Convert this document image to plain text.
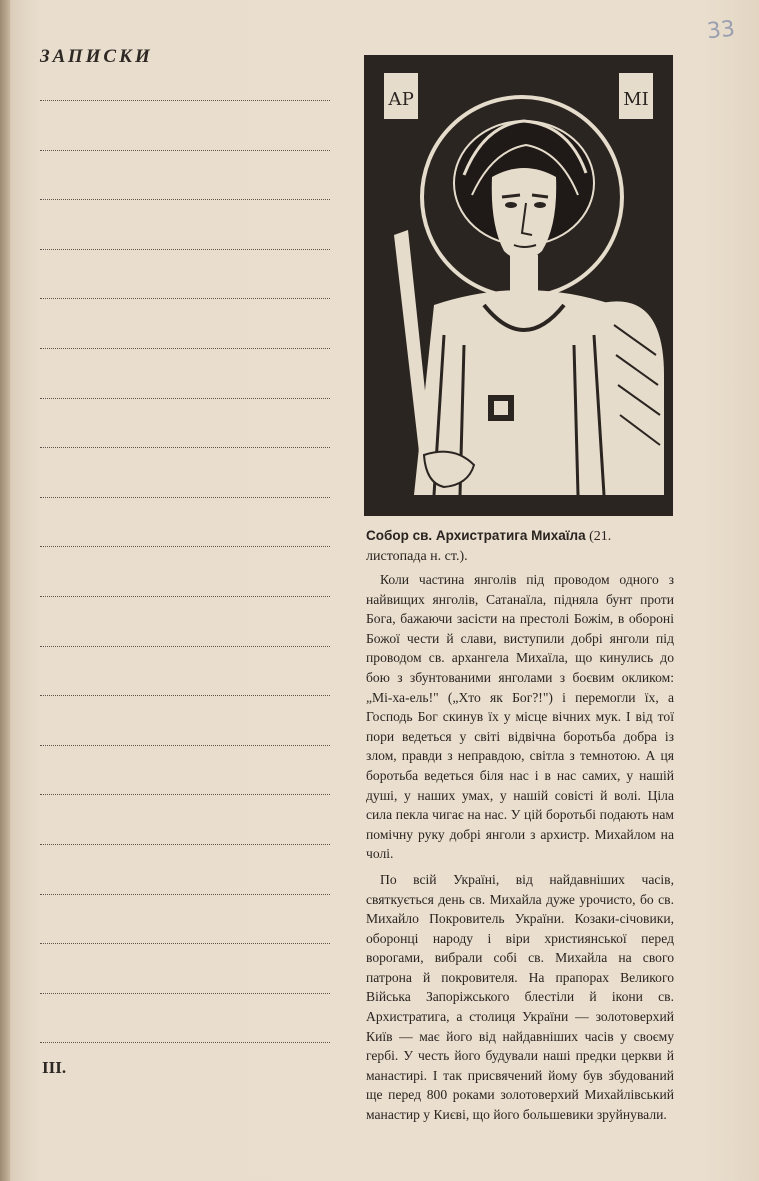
33
ЗАПИСКИ
III.
АР	МІ
Собор св. Архистратига Михаїла (21. листопада н. ст.).

Коли частина янголів під проводом одного з найвищих янголів, Сатанаїла, підняла бунт проти Бога, бажаючи засісти на престолі Божім, в обороні Божої чести й слави, виступили добрі янголи під проводом св. архангела Михаїла, що кинулись до бою з збунтованими янголами з боєвим окликом: „Мі-ха-ель!" („Хто як Бог?!") і перемогли їх, а Господь Бог скинув їх у місце вічних мук. І від тої пори ведеться у світі відвічна боротьба добра із злом, правди з неправдою, світла з темнотою. А ця боротьба ведеться біля нас і в нас самих, у нашій душі, у наших умах, у нашій совісті й волі. Ціла сила пекла чигає на нас. У цій боротьбі подають нам помічну руку добрі янголи з архистр. Михайлом на чолі.

По всій Україні, від найдавніших часів, святкується день св. Михайла дуже урочисто, бо св. Михайло Покровитель України. Козаки-січовики, оборонці народу і віри християнської перед ворогами, вибрали собі св. Михайла на свого патрона й покровителя. На прапорах Великого Війська Запоріжського блестіли й ікони св. Архистратига, а столиця України — золотоверхий Київ — має його від найдавніших часів у своєму гербі. У честь його будували наші предки церкви й манастирі. І так присвячений йому був збудований ще перед 800 роками золотоверхий Михайлівський манастир у Києві, що його большевики зруйнували.
